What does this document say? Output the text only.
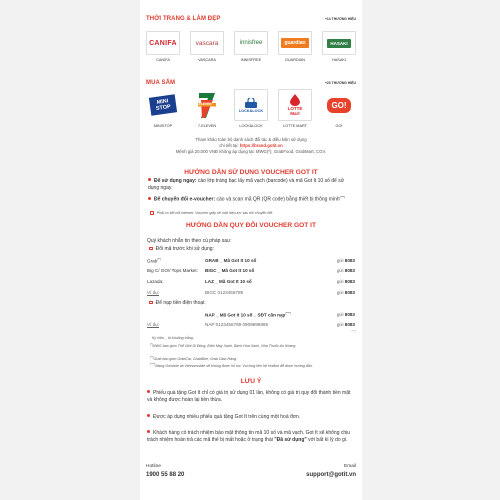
THỜI TRANG & LÀM ĐẸP	+14 THƯƠNG HIỆU
CANIFA
CANIFA
vascara
VASCARA
innisfree
INNISFREE
guardian
GUARDIAN
HASAKI
HASAKI
MUA SẮM	+23 THƯƠNG HIỆU
MINI STOP
MINISTOP
7-ELEVEN
7-ELEVEN
LOCK&LOCK
LOCK&LOCK
LOTTE Mart
LOTTE MART
GO!
GO!
Tham khảo toàn bộ danh sách đối tác & điều kiện sử dụng
chi tiết tại: https://brand.gotit.vn
Mệnh giá 20.000 VNĐ không áp dụng tại: MWG(*), GrabFood, GrabMart, CGV.
HƯỚNG DẪN SỬ DỤNG VOUCHER GOT IT
Để sử dụng ngay: cào lớp tráng bạc lấy mã vạch (barcode) và mã Got It 10 số để sử dụng ngay.
Để chuyển đổi e-voucher: cào và scan mã QR (QR code) bằng thiết bị thông minh(***)
Phải có kết nối internet. Voucher giấy sẽ mất hiệu lực sau khi chuyển đổi.
HƯỚNG DẪN QUY ĐỔI VOUCHER GOT IT
Quý khách nhắn tin theo cú pháp sau:
Đổi mã trước khi sử dụng:
Grab(**)	GRAB _ Mã Got It 10 số	gửi 8083
Big C/ GO!/ Tops Market:	BIGC _ Mã Got It 10 số	gửi 8083
Lazada:	LAZ _ Mã Got It 10 số	gửi 8083
Ví dụ:	BIGC 0123456789	gửi 8083
Để nạp tiền điện thoại:
NAP _ Mã Got It 10 số _ SĐT cần nạp(****)	gửi 8083
Ví dụ:	NAP 0123456789 0909898989	gửi 8083
Ký hiệu _ là khoảng trắng.
(*)MWG bao gồm Thế Giới Di Động, Điện Máy Xanh, Bách Hoá Xanh, Nhà Thuốc An Khang
(**)Grab bao gồm GrabCar, GrabBike, Grab Giao Hàng.
(****)Mạng Gmobile và Vietnamobile sẽ không được hỗ trợ. Vui lòng liên hệ Hotline để được hướng dẫn.
(***)
LƯU Ý
Phiếu quà tặng Got It chỉ có giá trị sử dụng 01 lần, không có giá trị quy đổi thành tiền mặt và không được hoàn lại tiền thừa.
Được áp dụng nhiều phiếu quà tặng Got It trên cùng một hoá đơn.
Khách hàng có trách nhiệm bảo mật thông tin mã 10 số và mã vạch. Got It sẽ không chịu trách nhiệm hoàn trả các mã thẻ bị mất hoặc ở trạng thái "Đã sử dụng" với bất kì lý do gì.
Hotline	Email
1900 55 88 20	support@gotit.vn
